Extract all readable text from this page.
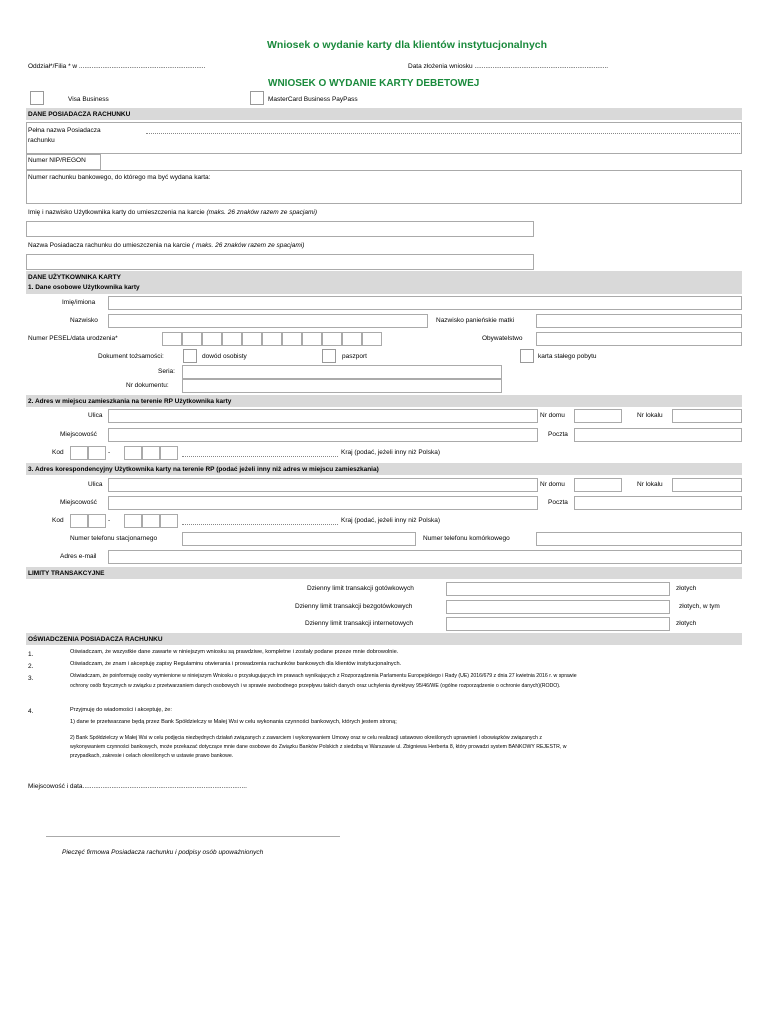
Wniosek o wydanie karty dla klientów instytucjonalnych
Oddział*/Filia * w ......................................................................	Data złożenia wniosku ..........................................................................
WNIOSEK O WYDANIE KARTY DEBETOWEJ
Visa Business	MasterCard Business PayPass
DANE POSIADACZA RACHUNKU
Pełna nazwa Posiadacza
rachunku
Numer NIP/REGON
Numer rachunku bankowego, do którego ma być wydana karta:
Imię i nazwisko Użytkownika karty do umieszczenia na karcie (maks. 26 znaków razem ze spacjami)
Nazwa Posiadacza rachunku do umieszczenia na karcie ( maks. 26 znaków razem ze spacjami)
DANE UŻYTKOWNIKA KARTY
1. Dane osobowe Użytkownika karty
Imię/imiona
Nazwisko	Nazwisko panieńskie matki
Numer PESEL/data urodzenia*	Obywatelstwo
Dokument tożsamości:	dowód osobisty	paszport	karta stałego pobytu
Seria:
Nr dokumentu:
2. Adres w miejscu zamieszkania na terenie RP Użytkownika karty
Ulica	Nr domu	Nr lokalu
Miejscowość	Poczta
Kod	-	Kraj (podać, jeżeli inny niż Polska)
3. Adres korespondencyjny Użytkownika karty na terenie RP (podać jeżeli inny niż adres w miejscu zamieszkania)
Ulica	Nr domu	Nr lokalu
Miejscowość	Poczta
Kod	-	Kraj (podać, jeżeli inny niż Polska)
Numer telefonu stacjonarnego	Numer telefonu komórkowego
Adres e-mail
LIMITY TRANSAKCYJNE
Dzienny limit transakcji gotówkowych	złotych
Dzienny limit transakcji bezgotówkowych	złotych, w tym
Dzienny limit transakcji internetowych	złotych
OŚWIADCZENIA POSIADACZA RACHUNKU
1.	Oświadczam, że wszystkie dane zawarte w niniejszym wniosku są prawdziwe, kompletne i zostały podane przeze mnie dobrowolnie.
2.	Oświadczam, że znam i akceptuję zapisy Regulaminu otwierania i prowadzenia rachunków bankowych dla klientów instytucjonalnych.
3.	Oświadczam, że poinformuję osoby wymienione w niniejszym Wniosku o przysługujących im prawach wynikających z Rozporządzenia Parlamentu Europejskiego i Rady (UE) 2016/679 z dnia 27 kwietnia 2016 r. w sprawie
ochrony osób fizycznych w związku z przetwarzaniem danych osobowych i w sprawie swobodnego przepływu takich danych oraz uchylenia dyrektywy 95/46/WE (ogólne rozporządzenie o ochronie danych)(RODO).
4.	Przyjmuję do wiadomości i akceptuję, że:
1) dane te przetwarzane będą przez Bank Spółdzielczy w Małej Wsi w celu wykonania czynności bankowych, których jestem stroną;
2) Bank Spółdzielczy w Małej Wsi w celu podjęcia niezbędnych działań związanych z zawarciem i wykonywaniem Umowy oraz w celu realizacji ustawowo określonych uprawnień i obowiązków związanych z
wykonywaniem czynności bankowych, może przekazać dotyczące mnie dane osobowe do Związku Banków Polskich z siedzibą w Warszawie ul. Zbigniewa Herberta 8, który prowadzi system BANKOWY REJESTR, w
przypadkach, zakresie i celach określonych w ustawie prawo bankowe.
Miejscowość i data...........................................................................................
Pieczęć firmowa Posiadacza rachunku i podpisy osób upoważnionych
